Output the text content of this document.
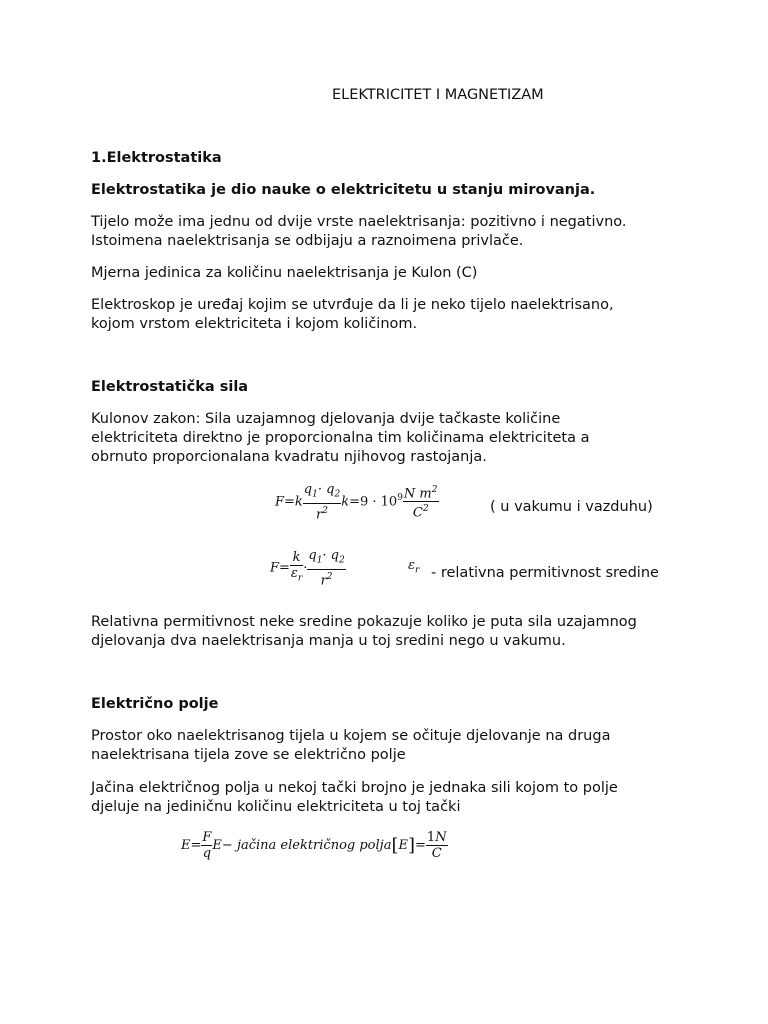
ELEKTRICITET I MAGNETIZAM
1.Elektrostatika
Elektrostatika je dio nauke o elektricitetu u stanju mirovanja.
Tijelo može ima jednu od dvije vrste naelektrisanja: pozitivno i negativno.
Istoimena naelektrisanja se odbijaju a raznoimena privlače.
Mjerna jedinica za količinu naelektrisanja je Kulon (C)
Elektroskop je uređaj kojim se utvrđuje da li je neko tijelo naelektrisano,
kojom vrstom elektriciteta i kojom količinom.
Elektrostatička sila
Kulonov zakon: Sila uzajamnog djelovanja dvije tačkaste količine
elektriciteta direktno je proporcionalna tim količinama elektriciteta a
obrnuto proporcionalana kvadratu njihovog rastojanja.
$F=k \frac{q_1\cdot q_2}{r^2} k=9 \cdot 10^9 \frac{N m^2}{C^2}$	( u vakumu i vazduhu)
$F= \frac{k}{\varepsilon_r} \cdot \frac{q_1\cdot q_2}{r^2}$	$\varepsilon_r$ - relativna permitivnost sredine
Relativna permitivnost neke sredine pokazuje koliko je puta sila uzajamnog
djelovanja dva naelektrisanja manja u toj sredini nego u vakumu.
Električno polje
Prostor oko naelektrisanog tijela u kojem se očituje djelovanje na druga
naelektrisana tijela zove se električno polje
Jačina električnog polja u nekoj tački brojno je jednaka sili kojom to polje
djeluje na jediničnu količinu elektriciteta u toj tački
$E= \frac{F}{q} E-$ jačina električnog polja[E]= $\frac{1N}{C}$
